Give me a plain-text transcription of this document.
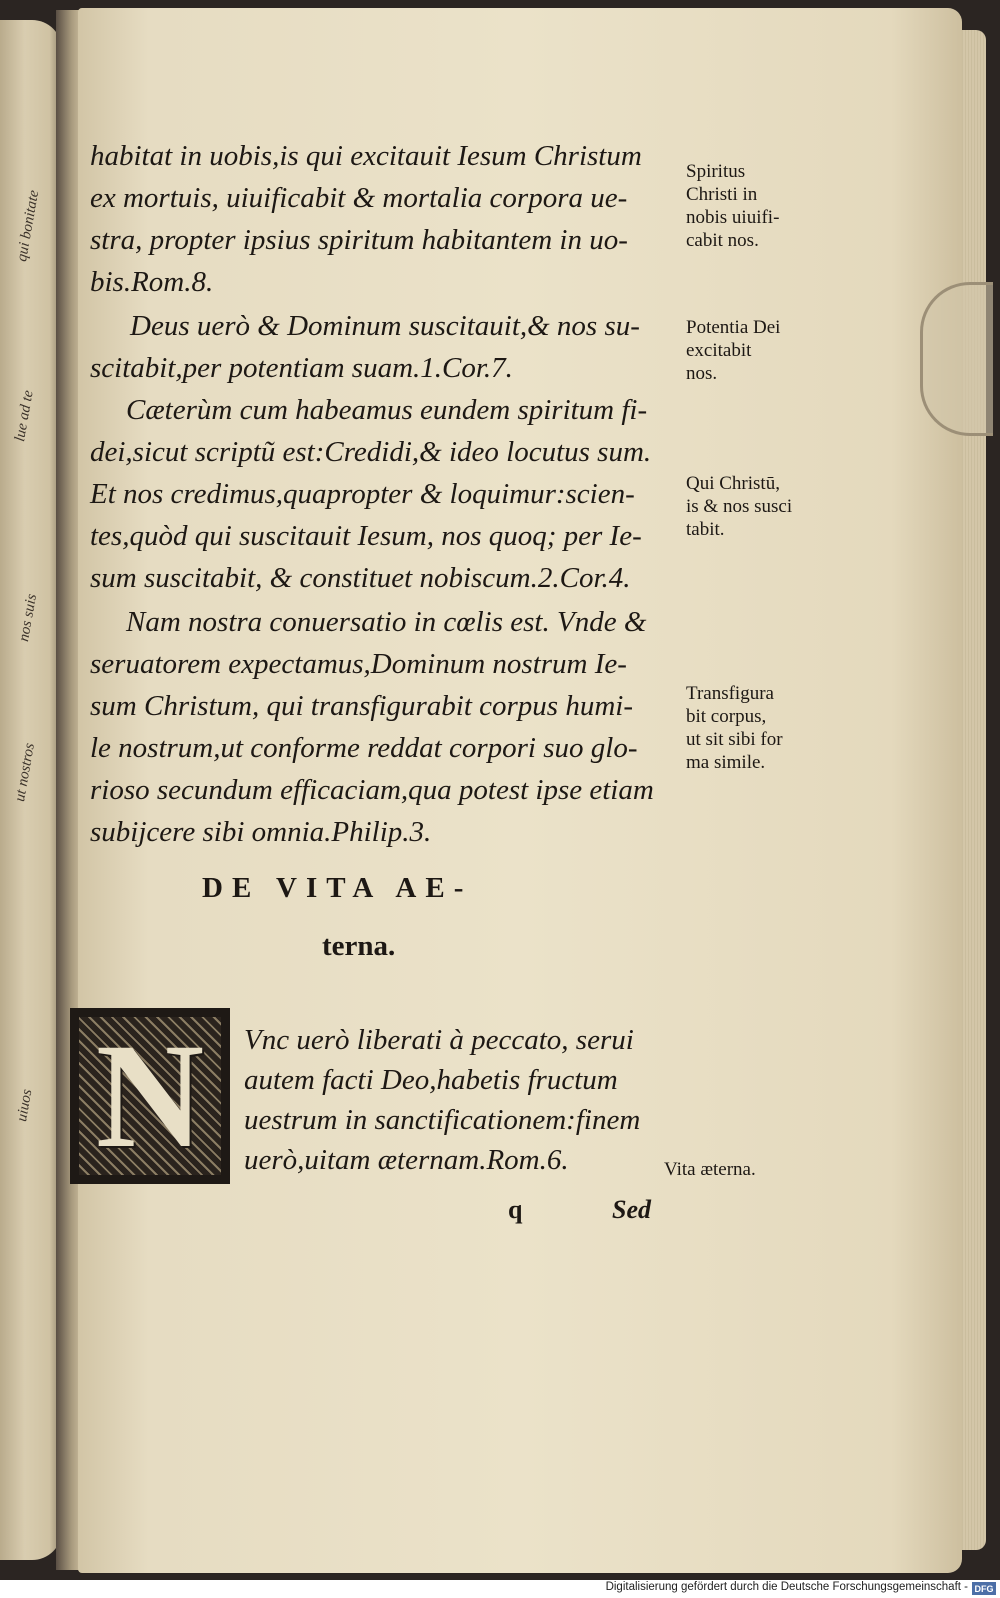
qui bonitate
lue ad te
nos suis
ut nostros
uiuos
habitat in uobis,is qui excitauit Iesum Christum
ex mortuis, uiuificabit & mortalia corpora ue-
stra, propter ipsius spiritum habitantem in uo-
bis.Rom.8.
Deus uerò & Dominum suscitauit,& nos su-
scitabit,per potentiam suam.1.Cor.7.
Cæterùm cum habeamus eundem spiritum fi-
dei,sicut scriptũ est:Credidi,& ideo locutus sum.
Et nos credimus,quapropter & loquimur:scien-
tes,quòd qui suscitauit Iesum, nos quoq; per Ie-
sum suscitabit, & constituet nobiscum.2.Cor.4.
Nam nostra conuersatio in cœlis est. Vnde &
seruatorem expectamus,Dominum nostrum Ie-
sum Christum, qui transfigurabit corpus humi-
le nostrum,ut conforme reddat corpori suo glo-
rioso secundum efficaciam,qua potest ipse etiam
subijcere sibi omnia.Philip.3.
Spiritus
Christi in
nobis uiuifi-
cabit nos.
Potentia Dei
excitabit
nos.
Qui Christū,
is & nos susci
tabit.
Transfigura
bit corpus,
ut sit sibi for
ma simile.
Vita æterna.
DE VITA AE-
terna.
N Vnc uerò liberati à peccato, serui
autem facti Deo,habetis fructum
uestrum in sanctificationem:finem
uerò,uitam æternam.Rom.6.
q	Sed
Digitalisierung gefördert durch die Deutsche Forschungsgemeinschaft - DFG
